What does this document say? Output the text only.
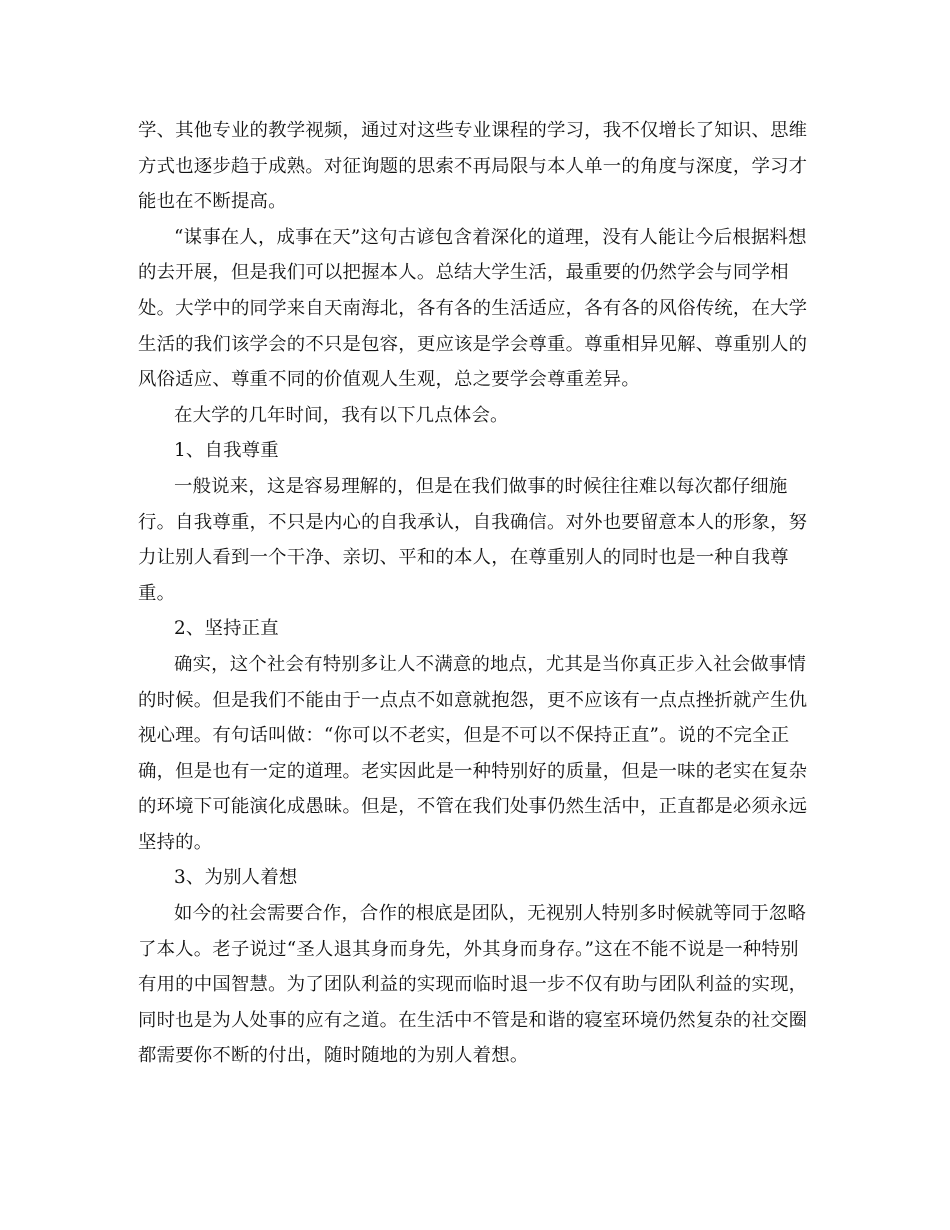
学、其他专业的教学视频，通过对这些专业课程的学习，我不仅增长了知识、思维
方式也逐步趋于成熟。对征询题的思索不再局限与本人单一的角度与深度，学习才
能也在不断提高。
“谋事在人，成事在天”这句古谚包含着深化的道理，没有人能让今后根据料想
的去开展，但是我们可以把握本人。总结大学生活，最重要的仍然学会与同学相
处。大学中的同学来自天南海北，各有各的生活适应，各有各的风俗传统，在大学
生活的我们该学会的不只是包容，更应该是学会尊重。尊重相异见解、尊重别人的
风俗适应、尊重不同的价值观人生观，总之要学会尊重差异。
在大学的几年时间，我有以下几点体会。
1、自我尊重
一般说来，这是容易理解的，但是在我们做事的时候往往难以每次都仔细施
行。自我尊重，不只是内心的自我承认，自我确信。对外也要留意本人的形象，努
力让别人看到一个干净、亲切、平和的本人，在尊重别人的同时也是一种自我尊
重。
2、坚持正直
确实，这个社会有特别多让人不满意的地点，尤其是当你真正步入社会做事情
的时候。但是我们不能由于一点点不如意就抱怨，更不应该有一点点挫折就产生仇
视心理。有句话叫做：“你可以不老实，但是不可以不保持正直”。说的不完全正
确，但是也有一定的道理。老实因此是一种特别好的质量，但是一味的老实在复杂
的环境下可能演化成愚昧。但是，不管在我们处事仍然生活中，正直都是必须永远
坚持的。
3、为别人着想
如今的社会需要合作，合作的根底是团队，无视别人特别多时候就等同于忽略
了本人。老子说过“圣人退其身而身先，外其身而身存。”这在不能不说是一种特别
有用的中国智慧。为了团队利益的实现而临时退一步不仅有助与团队利益的实现，
同时也是为人处事的应有之道。在生活中不管是和谐的寝室环境仍然复杂的社交圈
都需要你不断的付出，随时随地的为别人着想。
